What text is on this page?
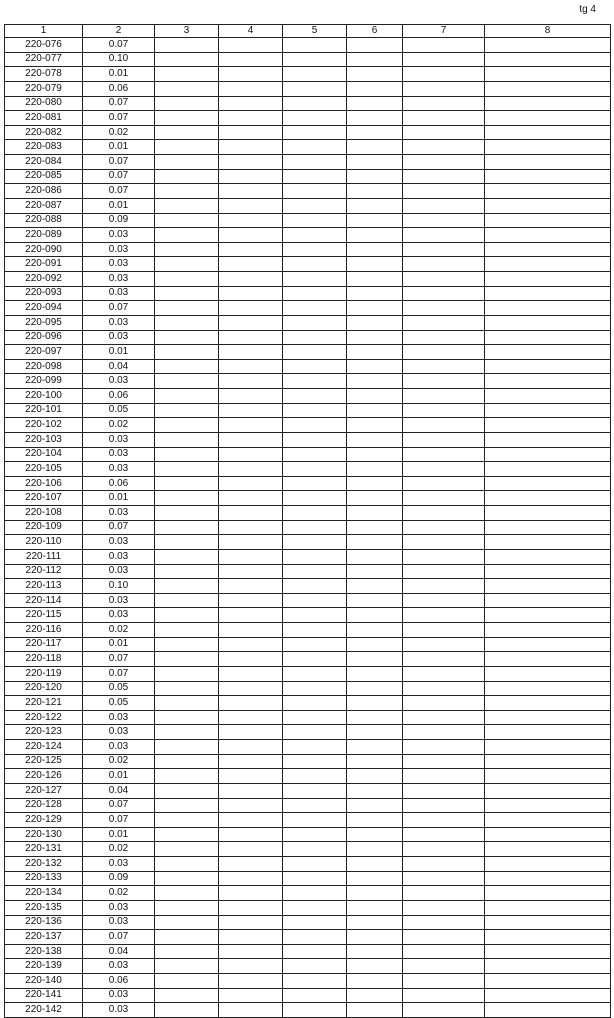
tg 4
1	2	3	4	5	6	7	8
220-076	0.07						
220-077	0.10						
220-078	0.01						
220-079	0.06						
220-080	0.07						
220-081	0.07						
220-082	0.02						
220-083	0.01						
220-084	0.07						
220-085	0.07						
220-086	0.07						
220-087	0.01						
220-088	0.09						
220-089	0.03						
220-090	0.03						
220-091	0.03						
220-092	0.03						
220-093	0.03						
220-094	0.07						
220-095	0.03						
220-096	0.03						
220-097	0.01						
220-098	0.04						
220-099	0.03						
220-100	0.06						
220-101	0.05						
220-102	0.02						
220-103	0.03						
220-104	0.03						
220-105	0.03						
220-106	0.06						
220-107	0.01						
220-108	0.03						
220-109	0.07						
220-110	0.03						
220-111	0.03						
220-112	0.03						
220-113	0.10						
220-114	0.03						
220-115	0.03						
220-116	0.02						
220-117	0.01						
220-118	0.07						
220-119	0.07						
220-120	0.05						
220-121	0.05						
220-122	0.03						
220-123	0.03						
220-124	0.03						
220-125	0.02						
220-126	0.01						
220-127	0.04						
220-128	0.07						
220-129	0.07						
220-130	0.01						
220-131	0.02						
220-132	0.03						
220-133	0.09						
220-134	0.02						
220-135	0.03						
220-136	0.03						
220-137	0.07						
220-138	0.04						
220-139	0.03						
220-140	0.06						
220-141	0.03						
220-142	0.03						
